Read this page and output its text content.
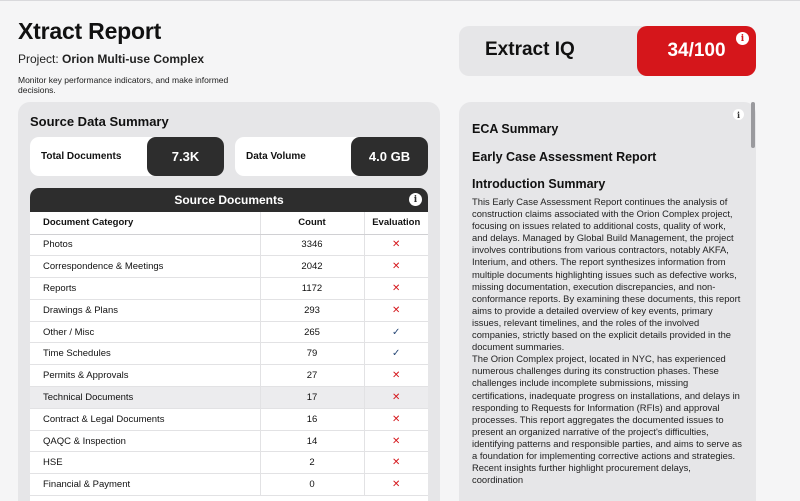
Xtract Report
Project: Orion Multi-use Complex
Monitor key performance indicators, and make informed decisions.
Extract IQ	34/100
i
Source Data Summary
Total Documents	7.3K	Data Volume	4.0 GB
Source Documents	i
Document Category	Count	Evaluation
Photos	3346	✕
Correspondence & Meetings	2042	✕
Reports	1172	✕
Drawings & Plans	293	✕
Other / Misc	265	✓
Time Schedules	79	✓
Permits & Approvals	27	✕
Technical Documents	17	✕
Contract & Legal Documents	16	✕
QAQC & Inspection	14	✕
HSE	2	✕
Financial & Payment	0	✕
i
ECA Summary
Early Case Assessment Report
Introduction Summary
This Early Case Assessment Report continues the analysis of construction claims associated with the Orion Complex project, focusing on issues related to additional costs, quality of work, and delays. Managed by Global Build Management, the project involves contributions from various contractors, notably AKFA, Interium, and others. The report synthesizes information from multiple documents highlighting issues such as defective works, missing documentation, execution discrepancies, and non-conformance reports. By examining these documents, this report aims to provide a detailed overview of key events, primary issues, relevant timelines, and the roles of the involved companies, strictly based on the explicit details provided in the document summaries.
The Orion Complex project, located in NYC, has experienced numerous challenges during its construction phases. These challenges include incomplete submissions, missing certifications, inadequate progress on installations, and delays in responding to Requests for Information (RFIs) and approval processes. This report aggregates the documented issues to present an organized narrative of the project's difficulties, identifying patterns and responsible parties, and aims to serve as a foundation for implementing corrective actions and strategies. Recent insights further highlight procurement delays, coordination
